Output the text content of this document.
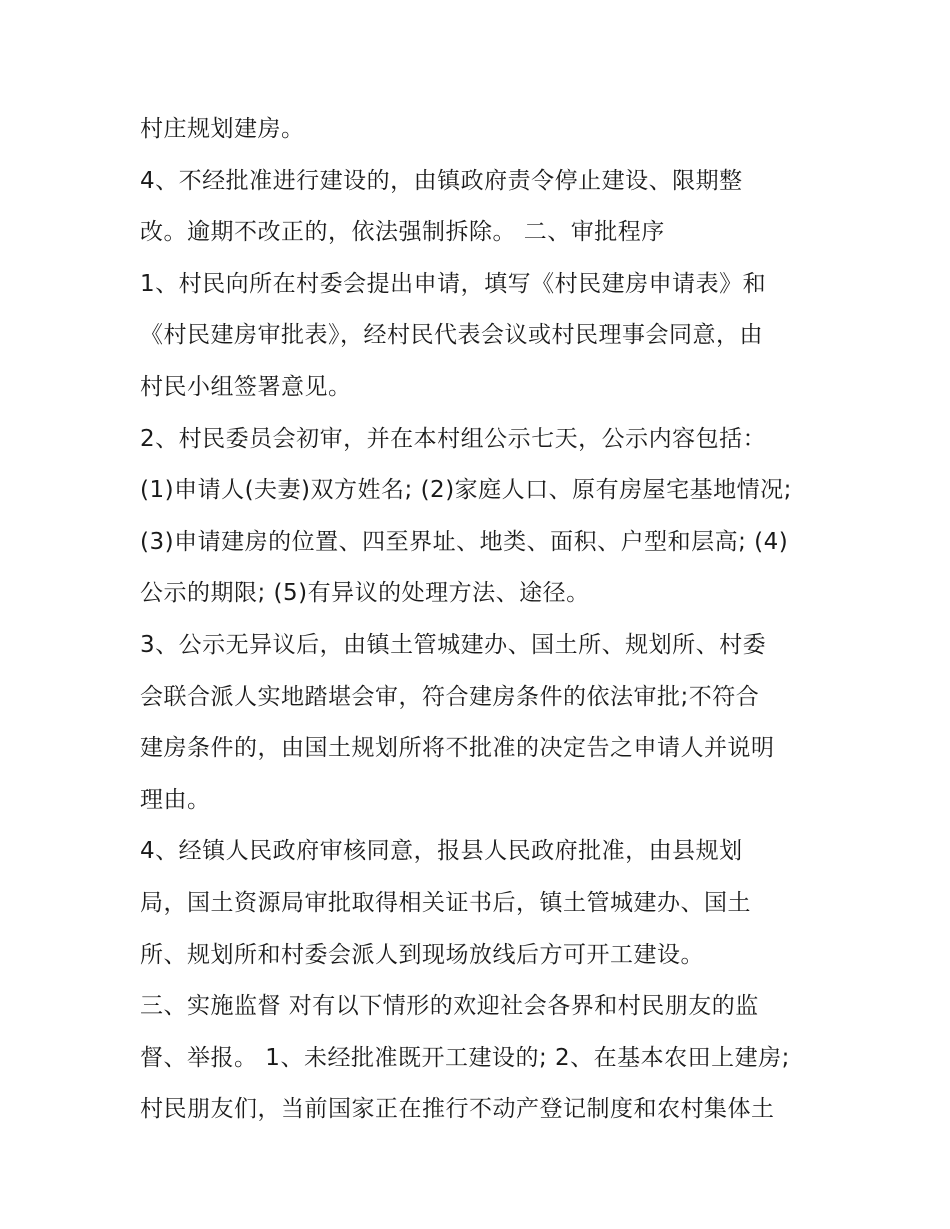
村庄规划建房。
4、不经批准进行建设的，由镇政府责令停止建设、限期整
改。逾期不改正的，依法强制拆除。 二、审批程序
1、村民向所在村委会提出申请，填写《村民建房申请表》和
《村民建房审批表》，经村民代表会议或村民理事会同意，由
村民小组签署意见。
2、村民委员会初审，并在本村组公示七天，公示内容包括：
(1)申请人(夫妻)双方姓名; (2)家庭人口、原有房屋宅基地情况;
(3)申请建房的位置、四至界址、地类、面积、户型和层高; (4)
公示的期限; (5)有异议的处理方法、途径。
3、公示无异议后，由镇土管城建办、国土所、规划所、村委
会联合派人实地踏堪会审，符合建房条件的依法审批;不符合
建房条件的，由国土规划所将不批准的决定告之申请人并说明
理由。
4、经镇人民政府审核同意，报县人民政府批准，由县规划
局，国土资源局审批取得相关证书后，镇土管城建办、国土
所、规划所和村委会派人到现场放线后方可开工建设。
三、实施监督 对有以下情形的欢迎社会各界和村民朋友的监
督、举报。 1、未经批准既开工建设的; 2、在基本农田上建房;
村民朋友们，当前国家正在推行不动产登记制度和农村集体土
